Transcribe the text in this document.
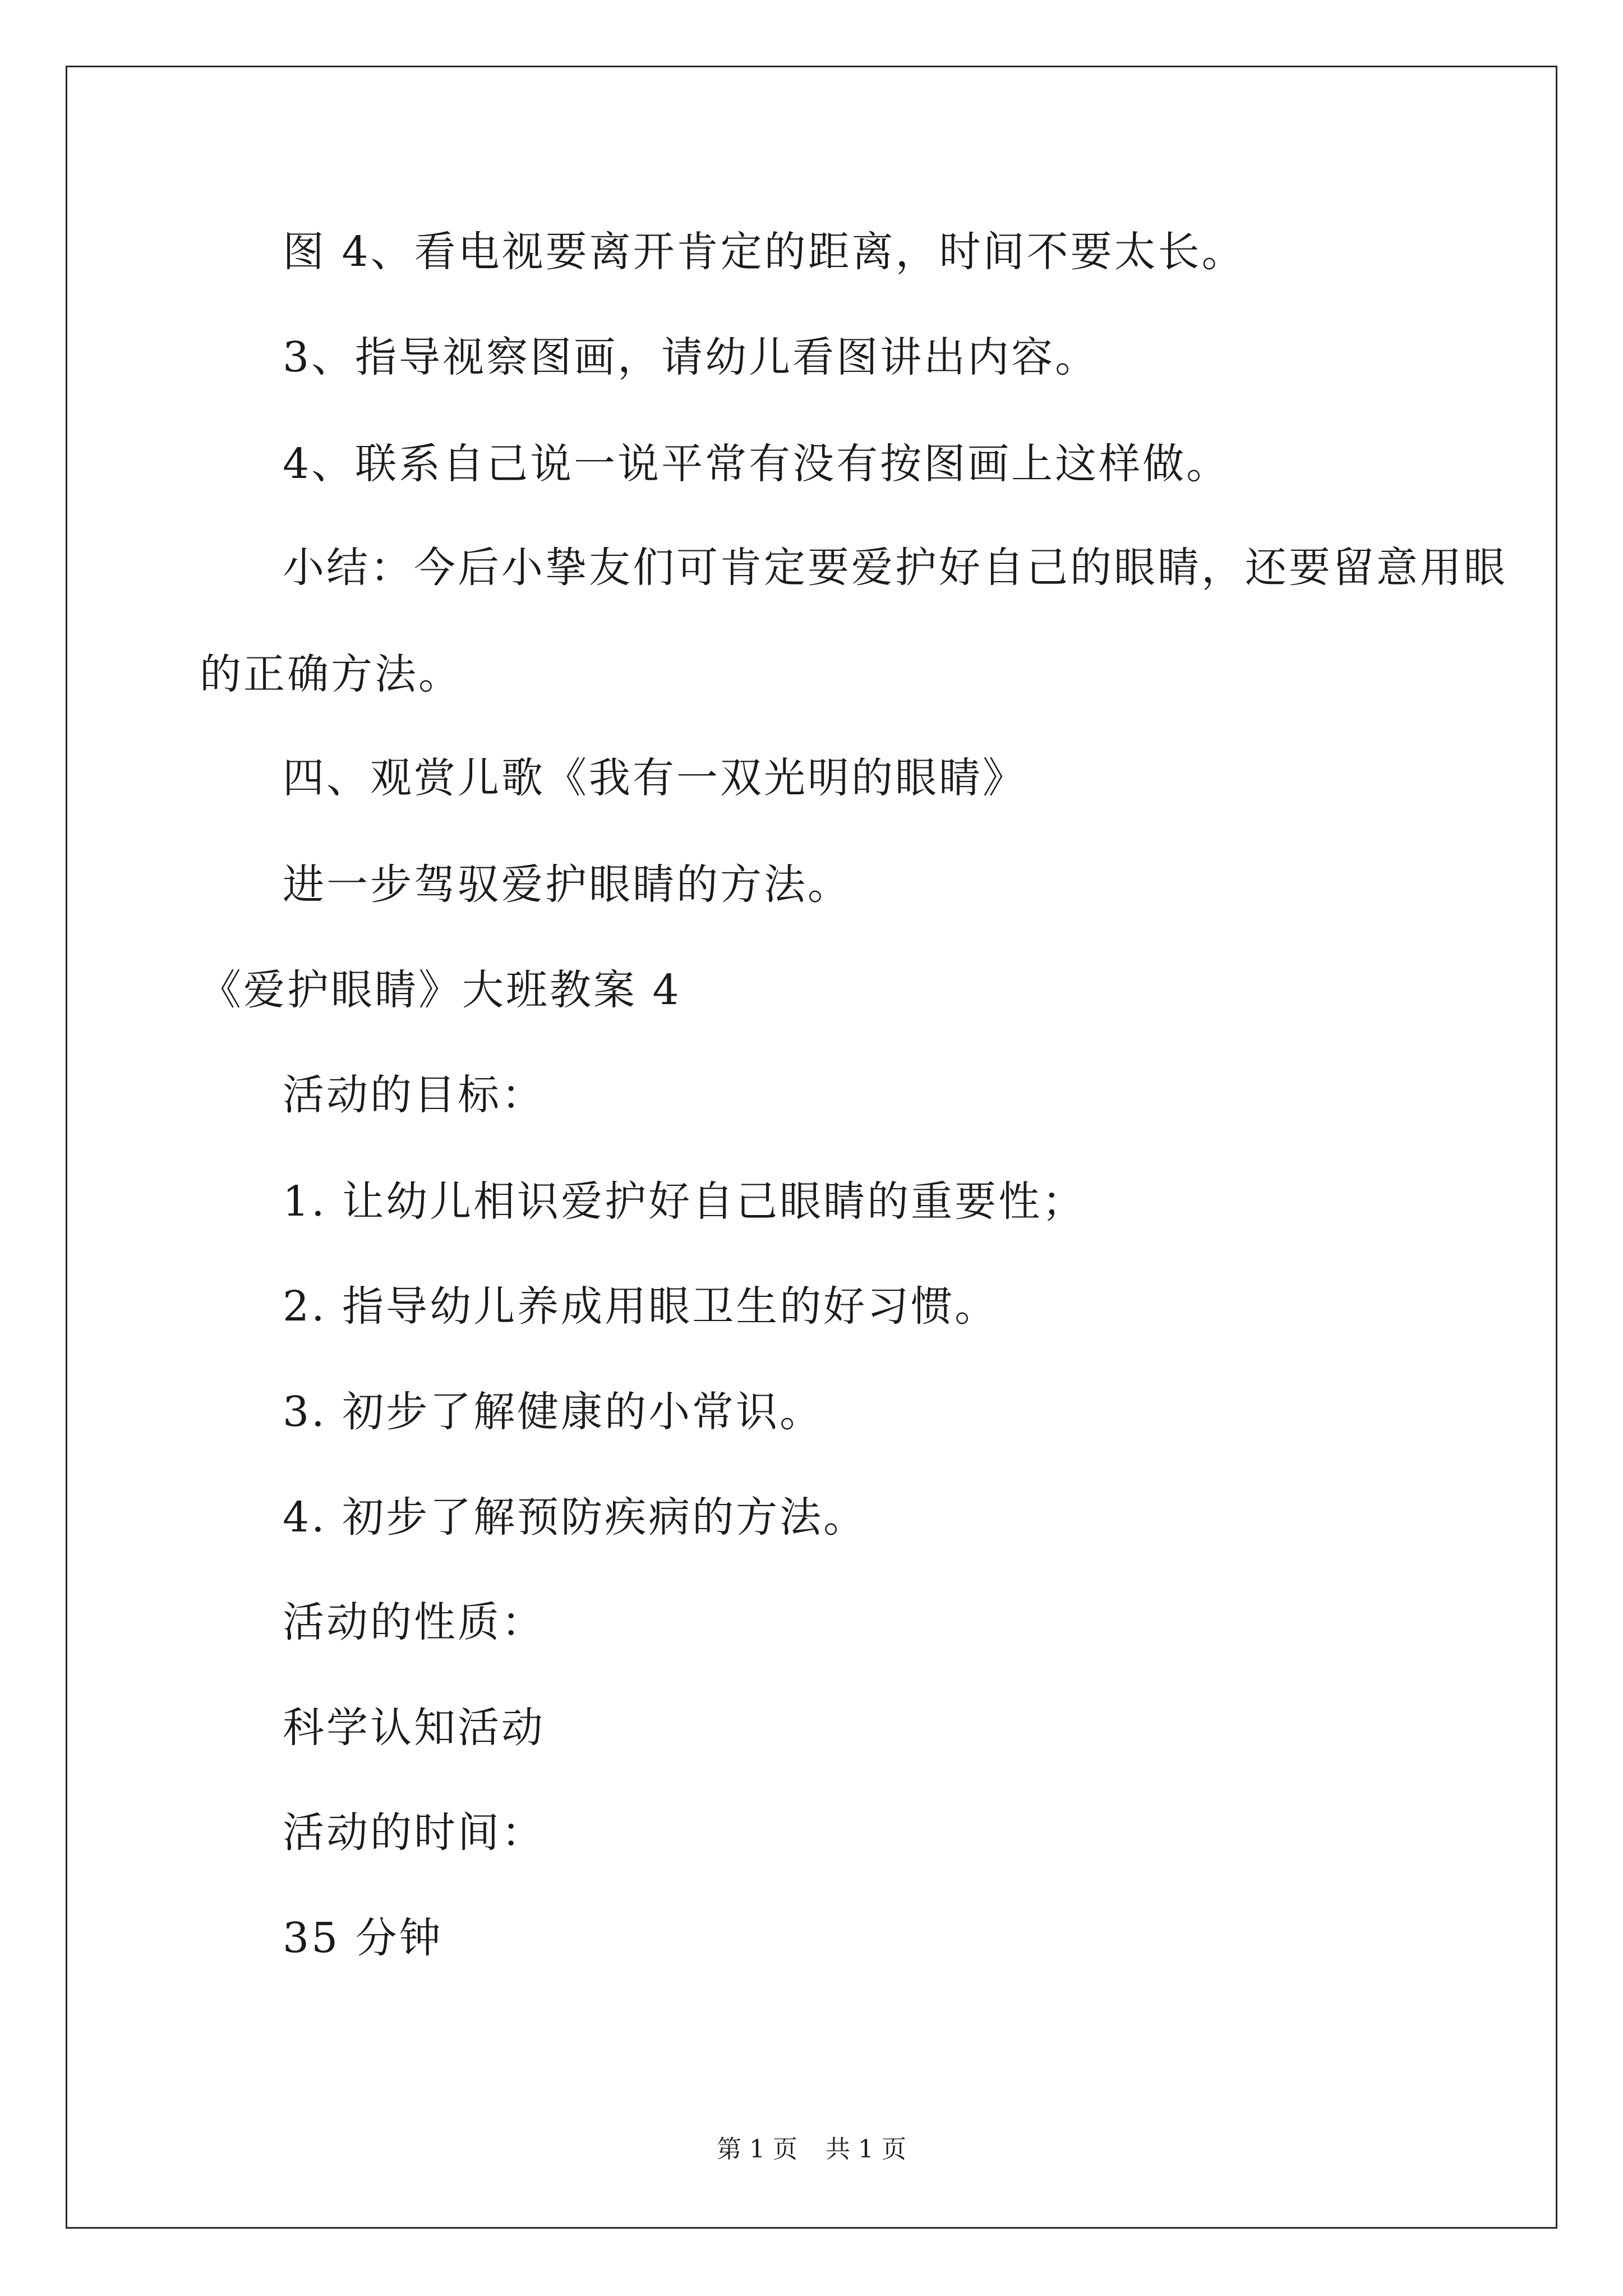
图 4、看电视要离开肯定的距离，时间不要太长。
3、指导视察图画，请幼儿看图讲出内容。
4、联系自己说一说平常有没有按图画上这样做。
小结：今后小挚友们可肯定要爱护好自己的眼睛，还要留意用眼
的正确方法。
四、观赏儿歌《我有一双光明的眼睛》
进一步驾驭爱护眼睛的方法。
《爱护眼睛》大班教案 4
活动的目标：
1. 让幼儿相识爱护好自己眼睛的重要性；
2. 指导幼儿养成用眼卫生的好习惯。
3. 初步了解健康的小常识。
4. 初步了解预防疾病的方法。
活动的性质：
科学认知活动
活动的时间：
35 分钟
第 1 页 共 1 页
